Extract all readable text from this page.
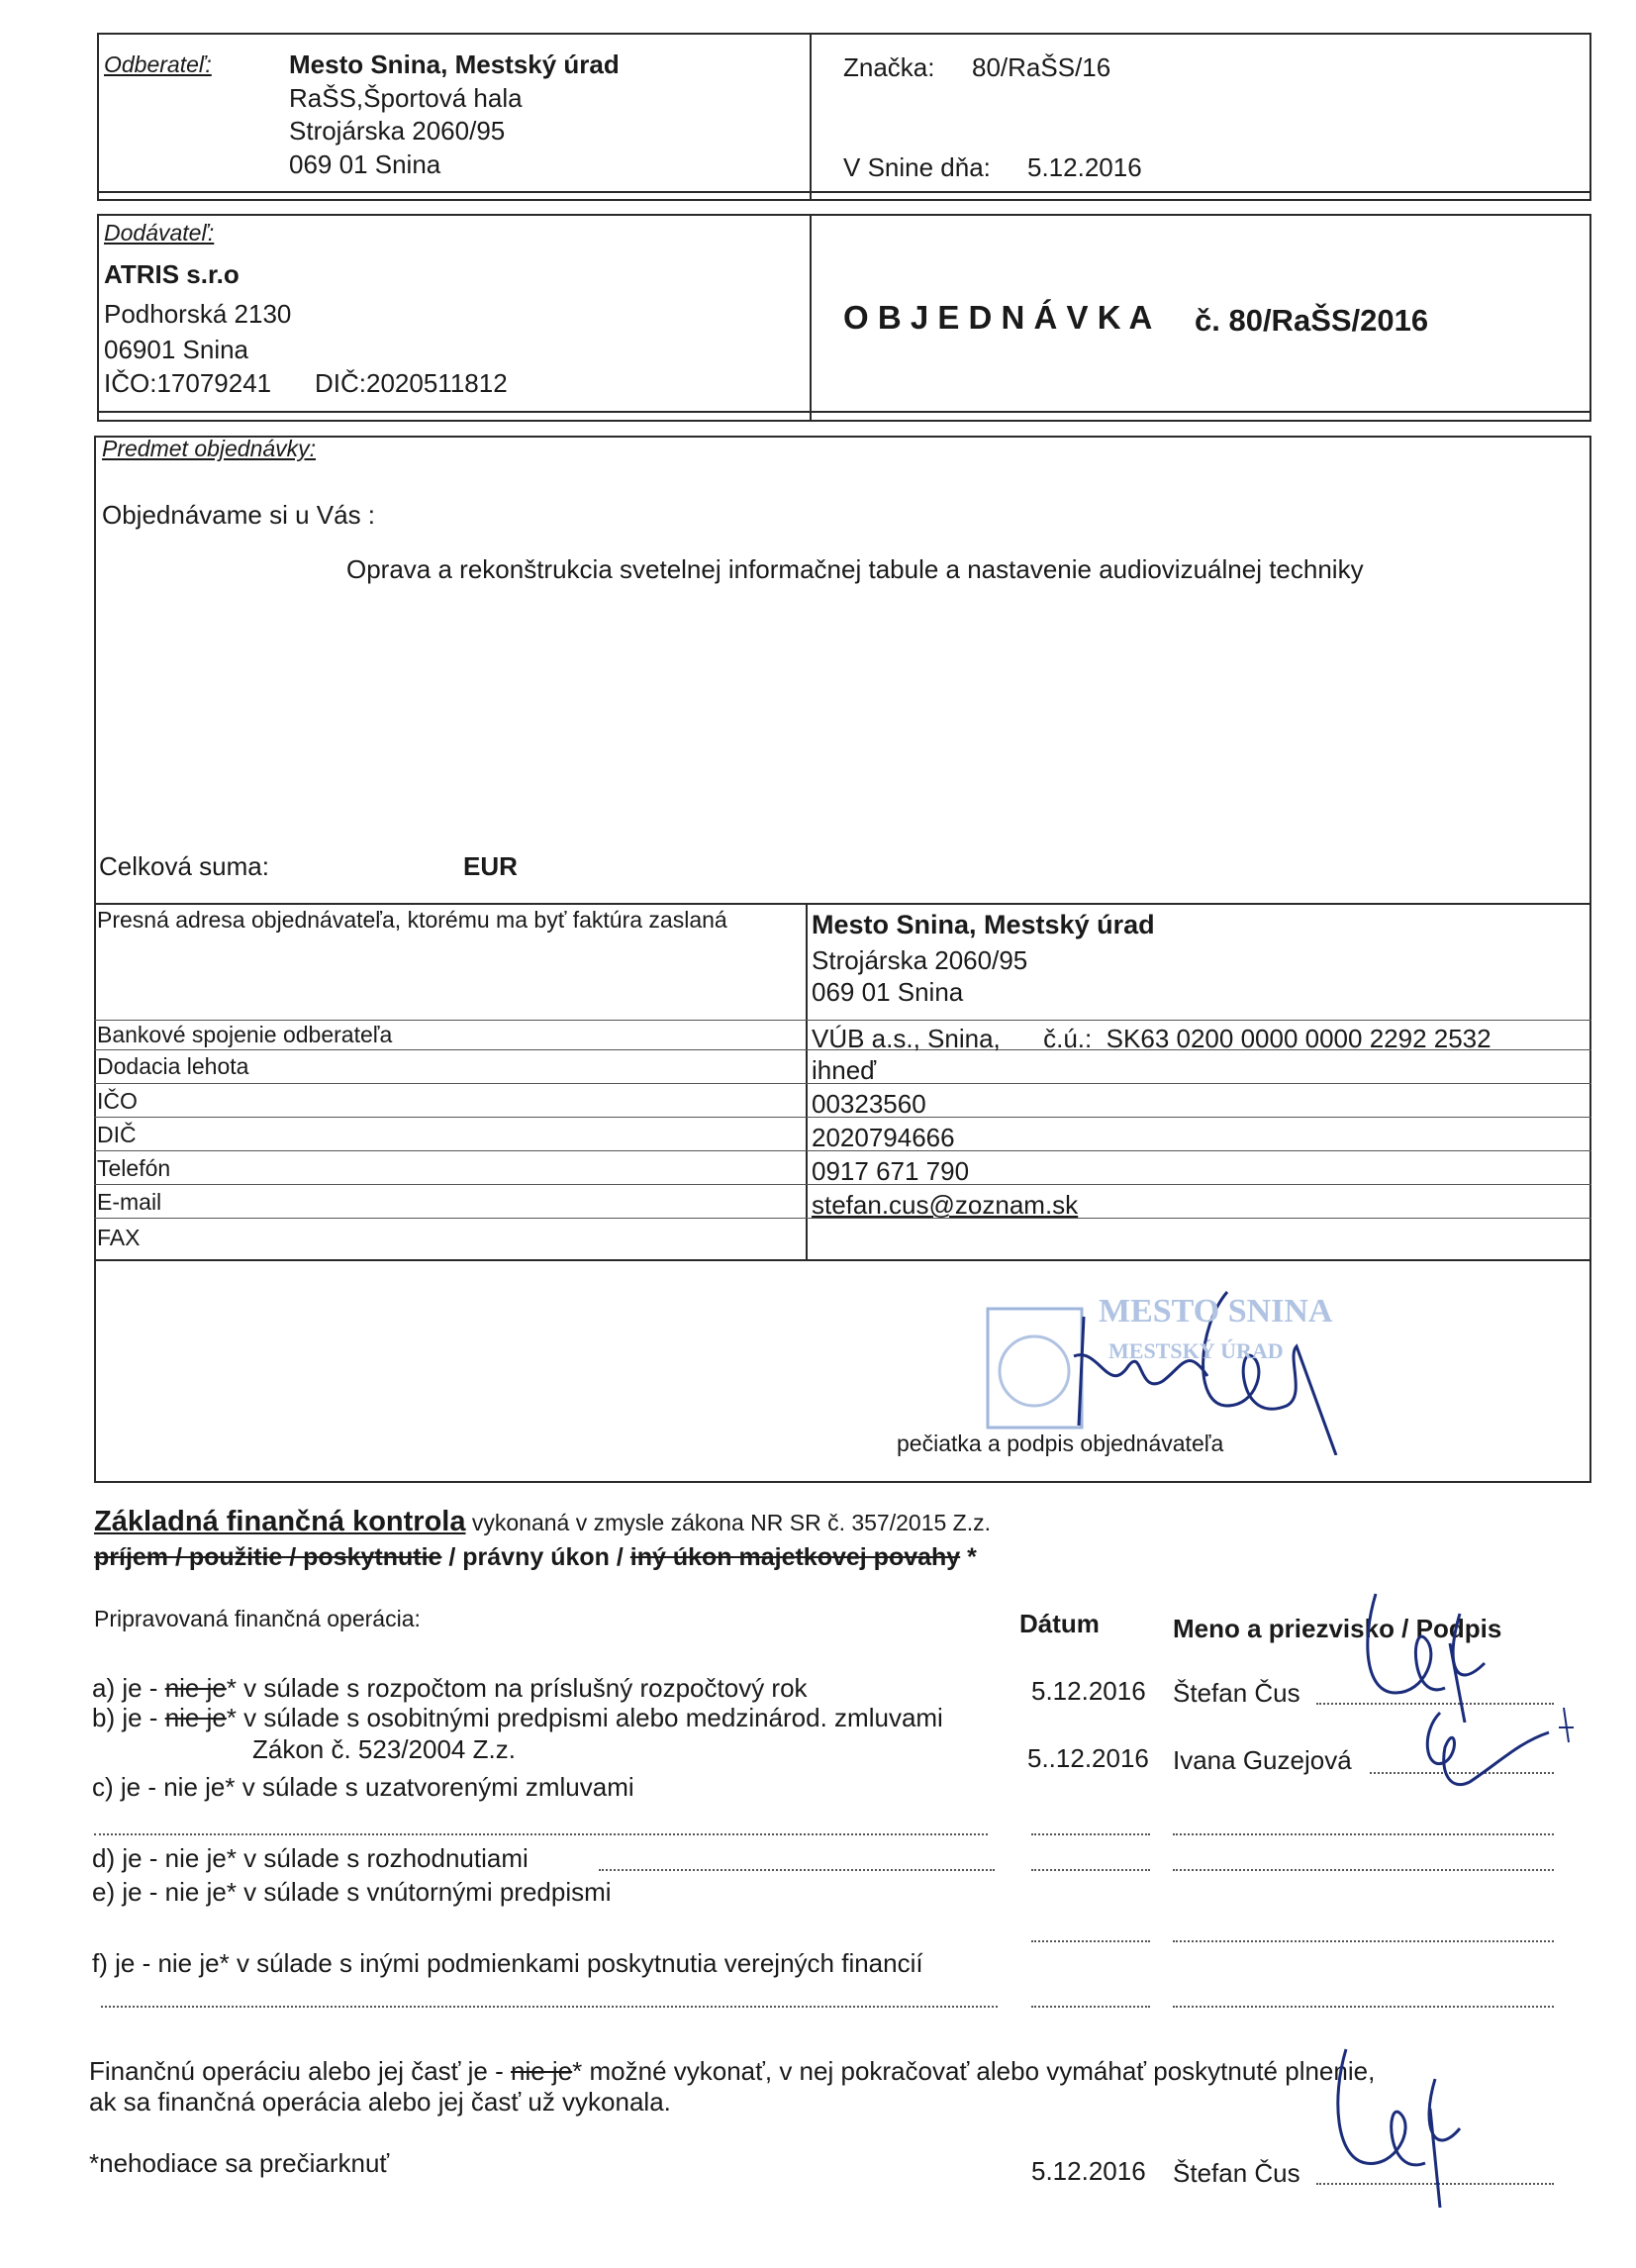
Odberateľ:	Mesto Snina, Mestský úrad
RaŠS,Športová hala
Strojárska 2060/95
069 01 Snina
Značka: 80/RaŠS/16
V Snine dňa: 5.12.2016
Dodávateľ:
ATRIS s.r.o
Podhorská 2130
06901 Snina
IČO:17079241 DIČ:2020511812
O B J E D N Á V K A č. 80/RaŠS/2016
Predmet objednávky:
Objednávame si u Vás :
Oprava a rekonštrukcia svetelnej informačnej tabule a nastavenie audiovizuálnej techniky
Celková suma:	EUR
Presná adresa objednávateľa, ktorému ma byť faktúra zaslaná	Mesto Snina, Mestský úrad
Strojárska 2060/95
069 01 Snina
Bankové spojenie odberateľa	VÚB a.s., Snina,      č.ú.:  SK63 0200 0000 0000 2292 2532
Dodacia lehota	ihneď
IČO	00323560
DIČ	2020794666
Telefón	0917 671 790
E-mail	stefan.cus@zoznam.sk
FAX
MESTO SNINA
MESTSKÝ ÚRAD
pečiatka a podpis objednávateľa
Základná finančná kontrola vykonaná v zmysle zákona NR SR č. 357/2015 Z.z.
príjem / použitie / poskytnutie / právny úkon / iný úkon majetkovej povahy *
Pripravovaná finančná operácia:	Dátum	Meno a priezvisko / Podpis
a) je - nie je* v súlade s rozpočtom na príslušný rozpočtový rok	5.12.2016 Štefan Čus
b) je - nie je* v súlade s osobitnými predpismi alebo medzinárod. zmluvami
Zákon č. 523/2004 Z.z.	5..12.2016 Ivana Guzejová
c) je - nie je* v súlade s uzatvorenými zmluvami
d) je - nie je* v súlade s rozhodnutiami
e) je - nie je* v súlade s vnútornými predpismi
f) je - nie je* v súlade s inými podmienkami poskytnutia verejných financií
Finančnú operáciu alebo jej časť je - nie je* možné vykonať, v nej pokračovať alebo vymáhať poskytnuté plnenie,
ak sa finančná operácia alebo jej časť už vykonala.
*nehodiace sa prečiarknuť	5.12.2016 Štefan Čus
